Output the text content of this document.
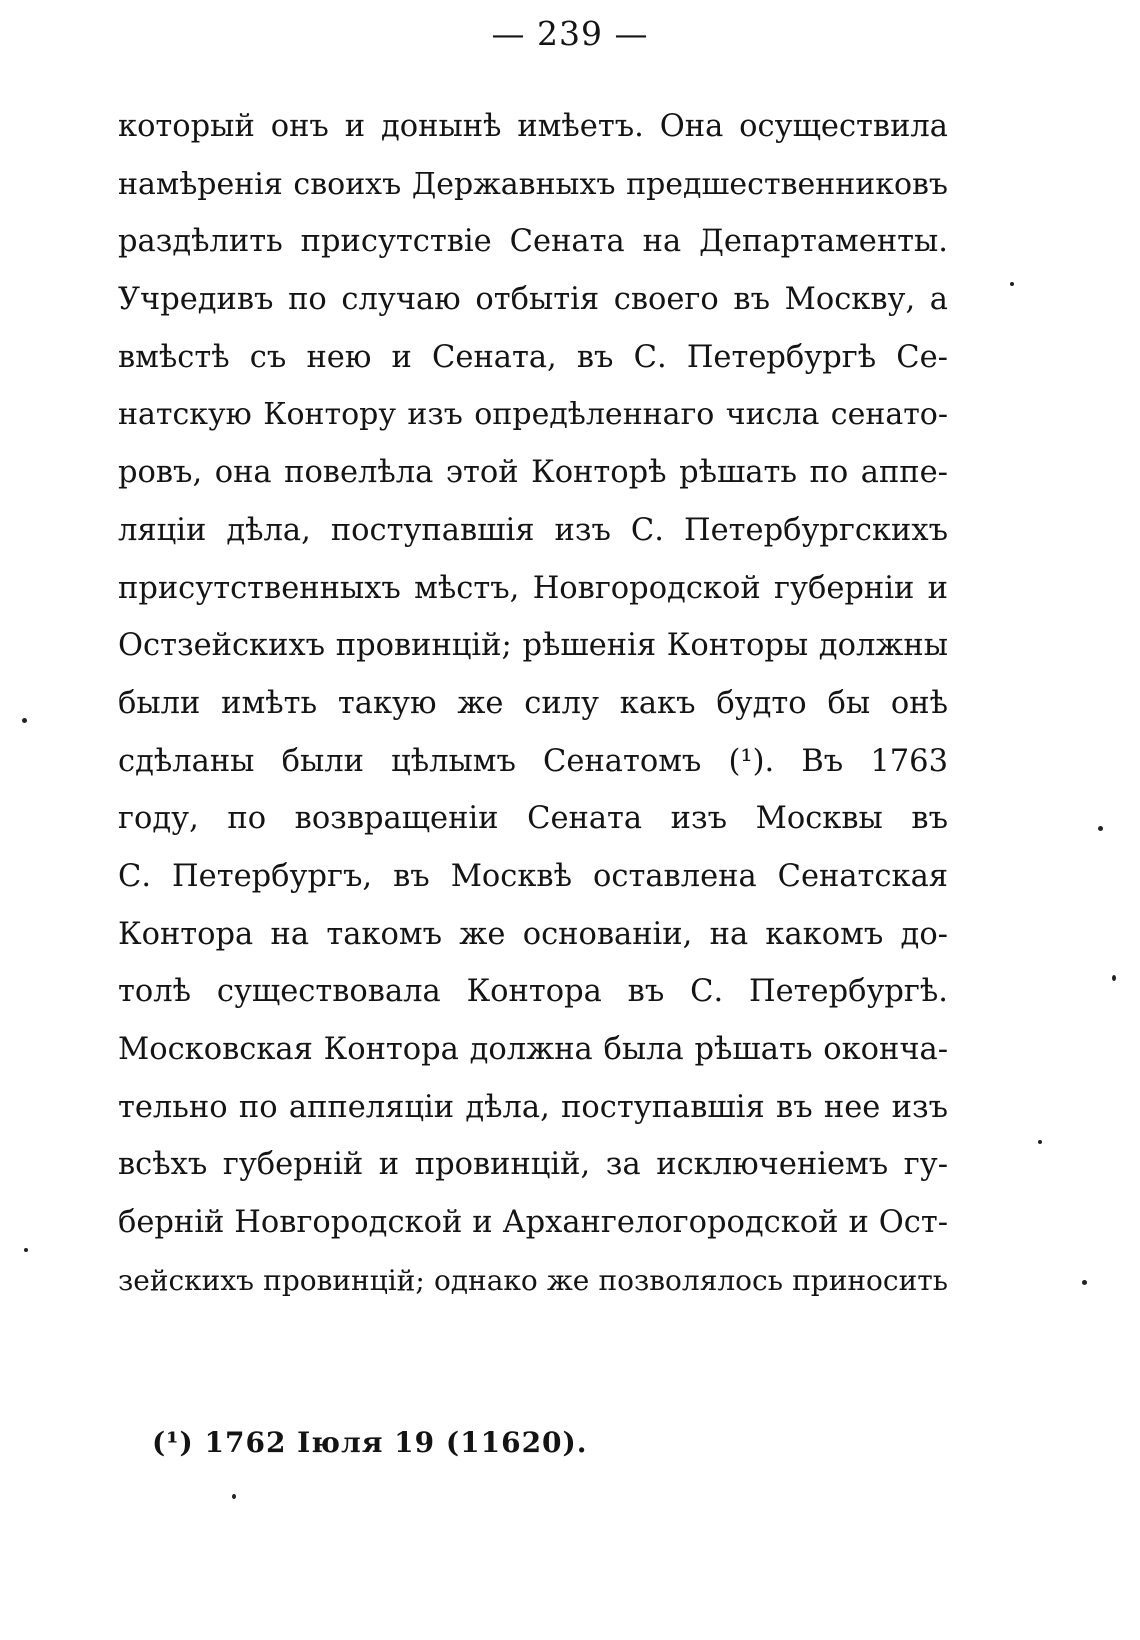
— 239 —
который онъ и донынѣ имѣетъ. Она осуществила
намѣренія своихъ Державныхъ предшественниковъ
раздѣлить присутствіе Сената на Департаменты.
Учредивъ по случаю отбытія своего въ Москву, а
вмѣстѣ съ нею и Сената, въ С. Петербургѣ Се-
натскую Контору изъ опредѣленнаго числа сенато-
ровъ, она повелѣла этой Конторѣ рѣшать по аппе-
ляціи дѣла, поступавшія изъ С. Петербургскихъ
присутственныхъ мѣстъ, Новгородской губерніи и
Остзейскихъ провинцій; рѣшенія Конторы должны
были имѣть такую же силу какъ будто бы онѣ
сдѣланы были цѣлымъ Сенатомъ (¹). Въ 1763
году, по возвращеніи Сената изъ Москвы въ
С. Петербургъ, въ Москвѣ оставлена Сенатская
Контора на такомъ же основаніи, на какомъ до-
толѣ существовала Контора въ С. Петербургѣ.
Московская Контора должна была рѣшать оконча-
тельно по аппеляціи дѣла, поступавшія въ нее изъ
всѣхъ губерній и провинцій, за исключеніемъ гу-
берній Новгородской и Архангелогородской и Ост-
зейскихъ провинцій; однако же позволялось приносить
(¹) 1762 Іюля 19 (11620).
